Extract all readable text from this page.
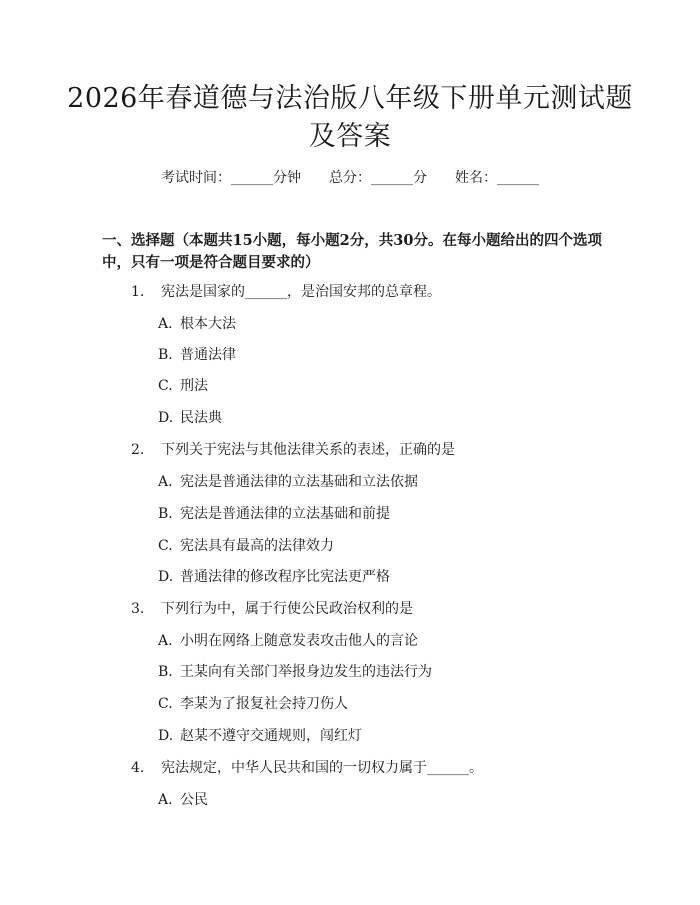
2026年春道德与法治版八年级下册单元测试题及答案
考试时间：______分钟 总分：______分 姓名：______

一、选择题（本题共15小题，每小题2分，共30分。在每小题给出的四个选项中，只有一项是符合题目要求的）

1. 宪法是国家的______，是治国安邦的总章程。
A. 根本大法
B. 普通法律
C. 刑法
D. 民法典
2. 下列关于宪法与其他法律关系的表述，正确的是
A. 宪法是普通法律的立法基础和立法依据
B. 宪法是普通法律的立法基础和前提
C. 宪法具有最高的法律效力
D. 普通法律的修改程序比宪法更严格
3. 下列行为中，属于行使公民政治权利的是
A. 小明在网络上随意发表攻击他人的言论
B. 王某向有关部门举报身边发生的违法行为
C. 李某为了报复社会持刀伤人
D. 赵某不遵守交通规则，闯红灯
4. 宪法规定，中华人民共和国的一切权力属于______。
A. 公民
